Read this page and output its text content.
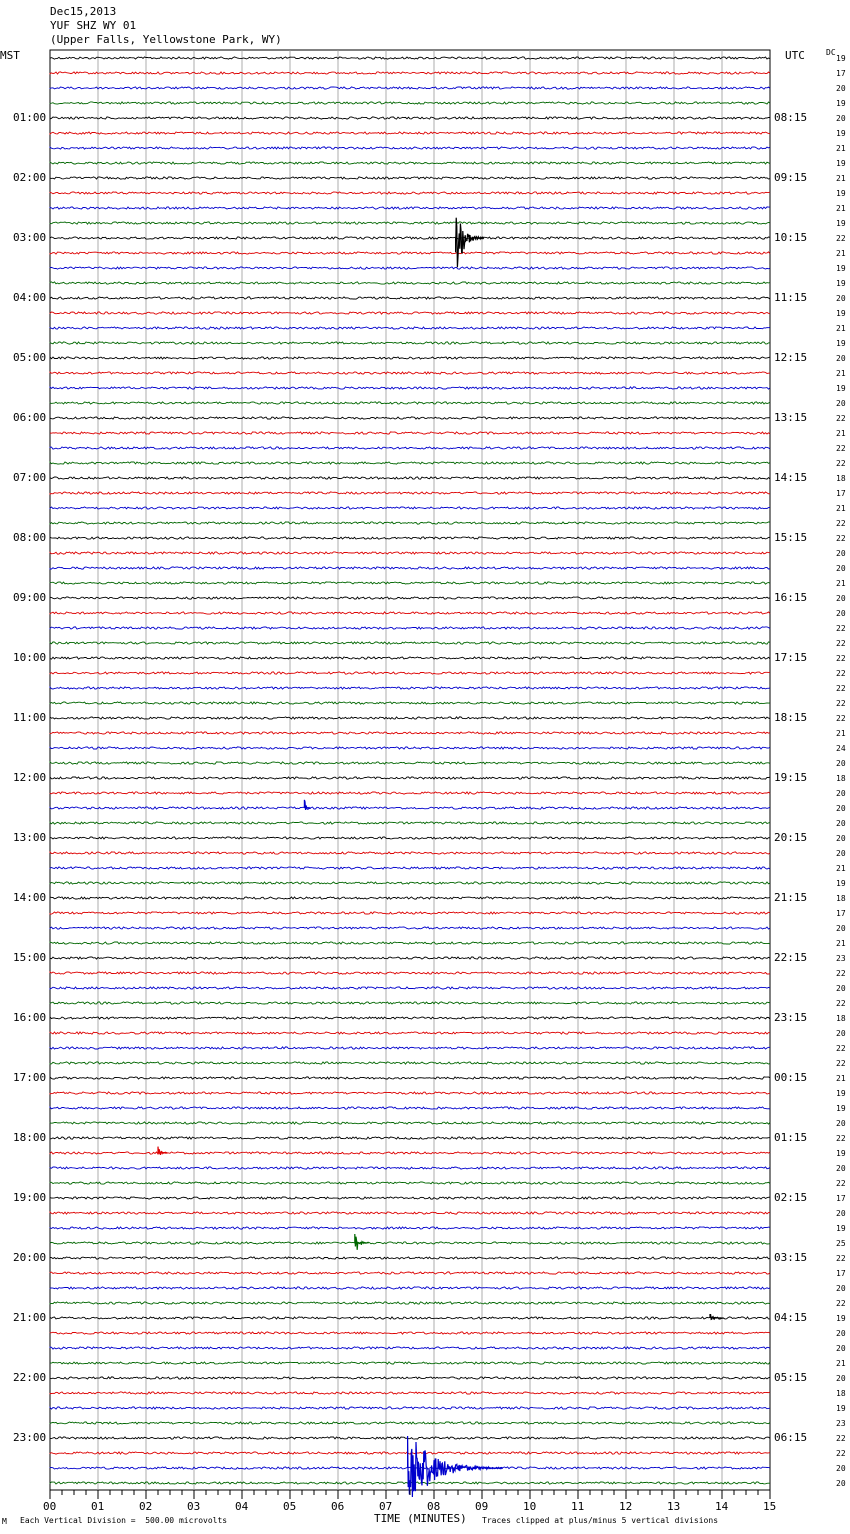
Dec15,2013
YUF SHZ WY 01
(Upper Falls, Yellowstone Park, WY)
MST	UTC	DC
01:00
02:00
03:00
04:00
05:00
06:00
07:00
08:00
09:00
10:00
11:00
12:00
13:00
14:00
15:00
16:00
17:00
18:00
19:00
20:00
21:00
22:00
23:00
08:15
09:15
10:15
11:15
12:15
13:15
14:15
15:15
16:15
17:15
18:15
19:15
20:15
21:15
22:15
23:15
00:15
01:15
02:15
03:15
04:15
05:15
06:15
19
17
20
19
20
19
21
19
21
19
21
19
22
21
19
19
20
19
21
19
20
21
19
20
22
21
22
22
18
17
21
22
22
20
20
21
20
20
22
22
22
22
22
22
22
21
24
20
18
20
20
20
20
20
21
19
18
17
20
21
23
22
20
22
18
20
22
22
21
19
19
20
22
19
20
22
17
20
19
25
22
17
20
22
19
20
20
21
20
18
19
23
22
22
20
20
00	01	02	03	04	05	06	07	08	09	10	11	12	13	14	15
M Each Vertical Division =  500.00 microvolts	TIME (MINUTES) Traces clipped at plus/minus 5 vertical divisions
